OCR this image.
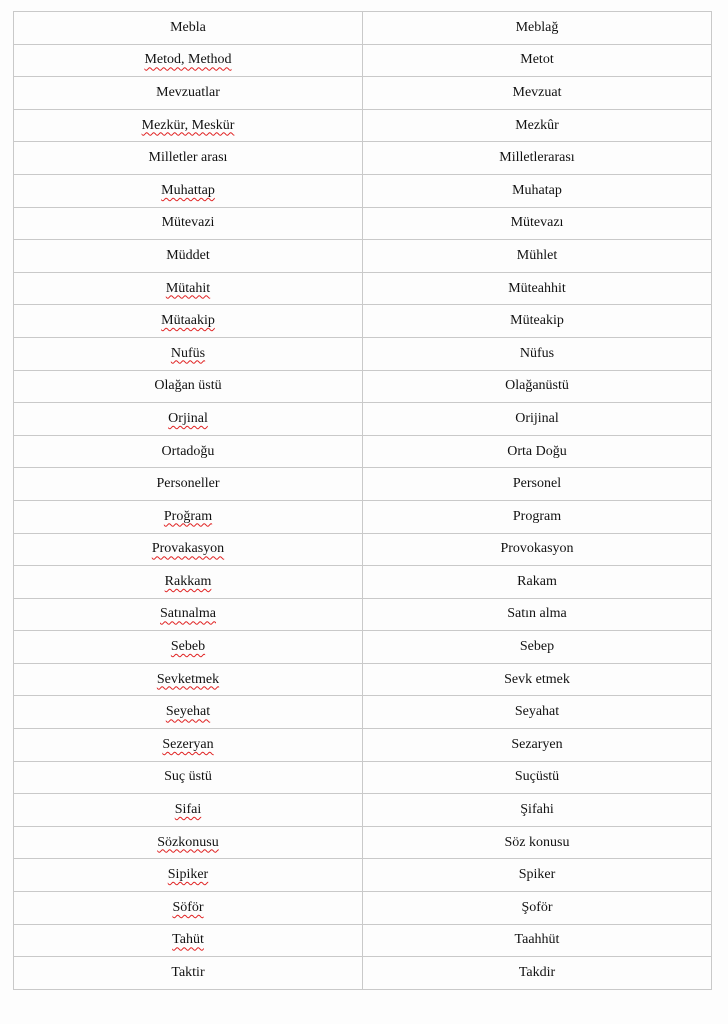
Mebla	Meblağ
Metod, Method	Metot
Mevzuatlar	Mevzuat
Mezkür, Meskür	Mezkûr
Milletler arası	Milletlerarası
Muhattap	Muhatap
Mütevazi	Mütevazı
Müddet	Mühlet
Mütahit	Müteahhit
Mütaakip	Müteakip
Nufüs	Nüfus
Olağan üstü	Olağanüstü
Orjinal	Orijinal
Ortadoğu	Orta Doğu
Personeller	Personel
Proğram	Program
Provakasyon	Provokasyon
Rakkam	Rakam
Satınalma	Satın alma
Sebeb	Sebep
Sevketmek	Sevk etmek
Seyehat	Seyahat
Sezeryan	Sezaryen
Suç üstü	Suçüstü
Sifai	Şifahi
Sözkonusu	Söz konusu
Sipiker	Spiker
Söför	Şoför
Tahüt	Taahhüt
Taktir	Takdir
